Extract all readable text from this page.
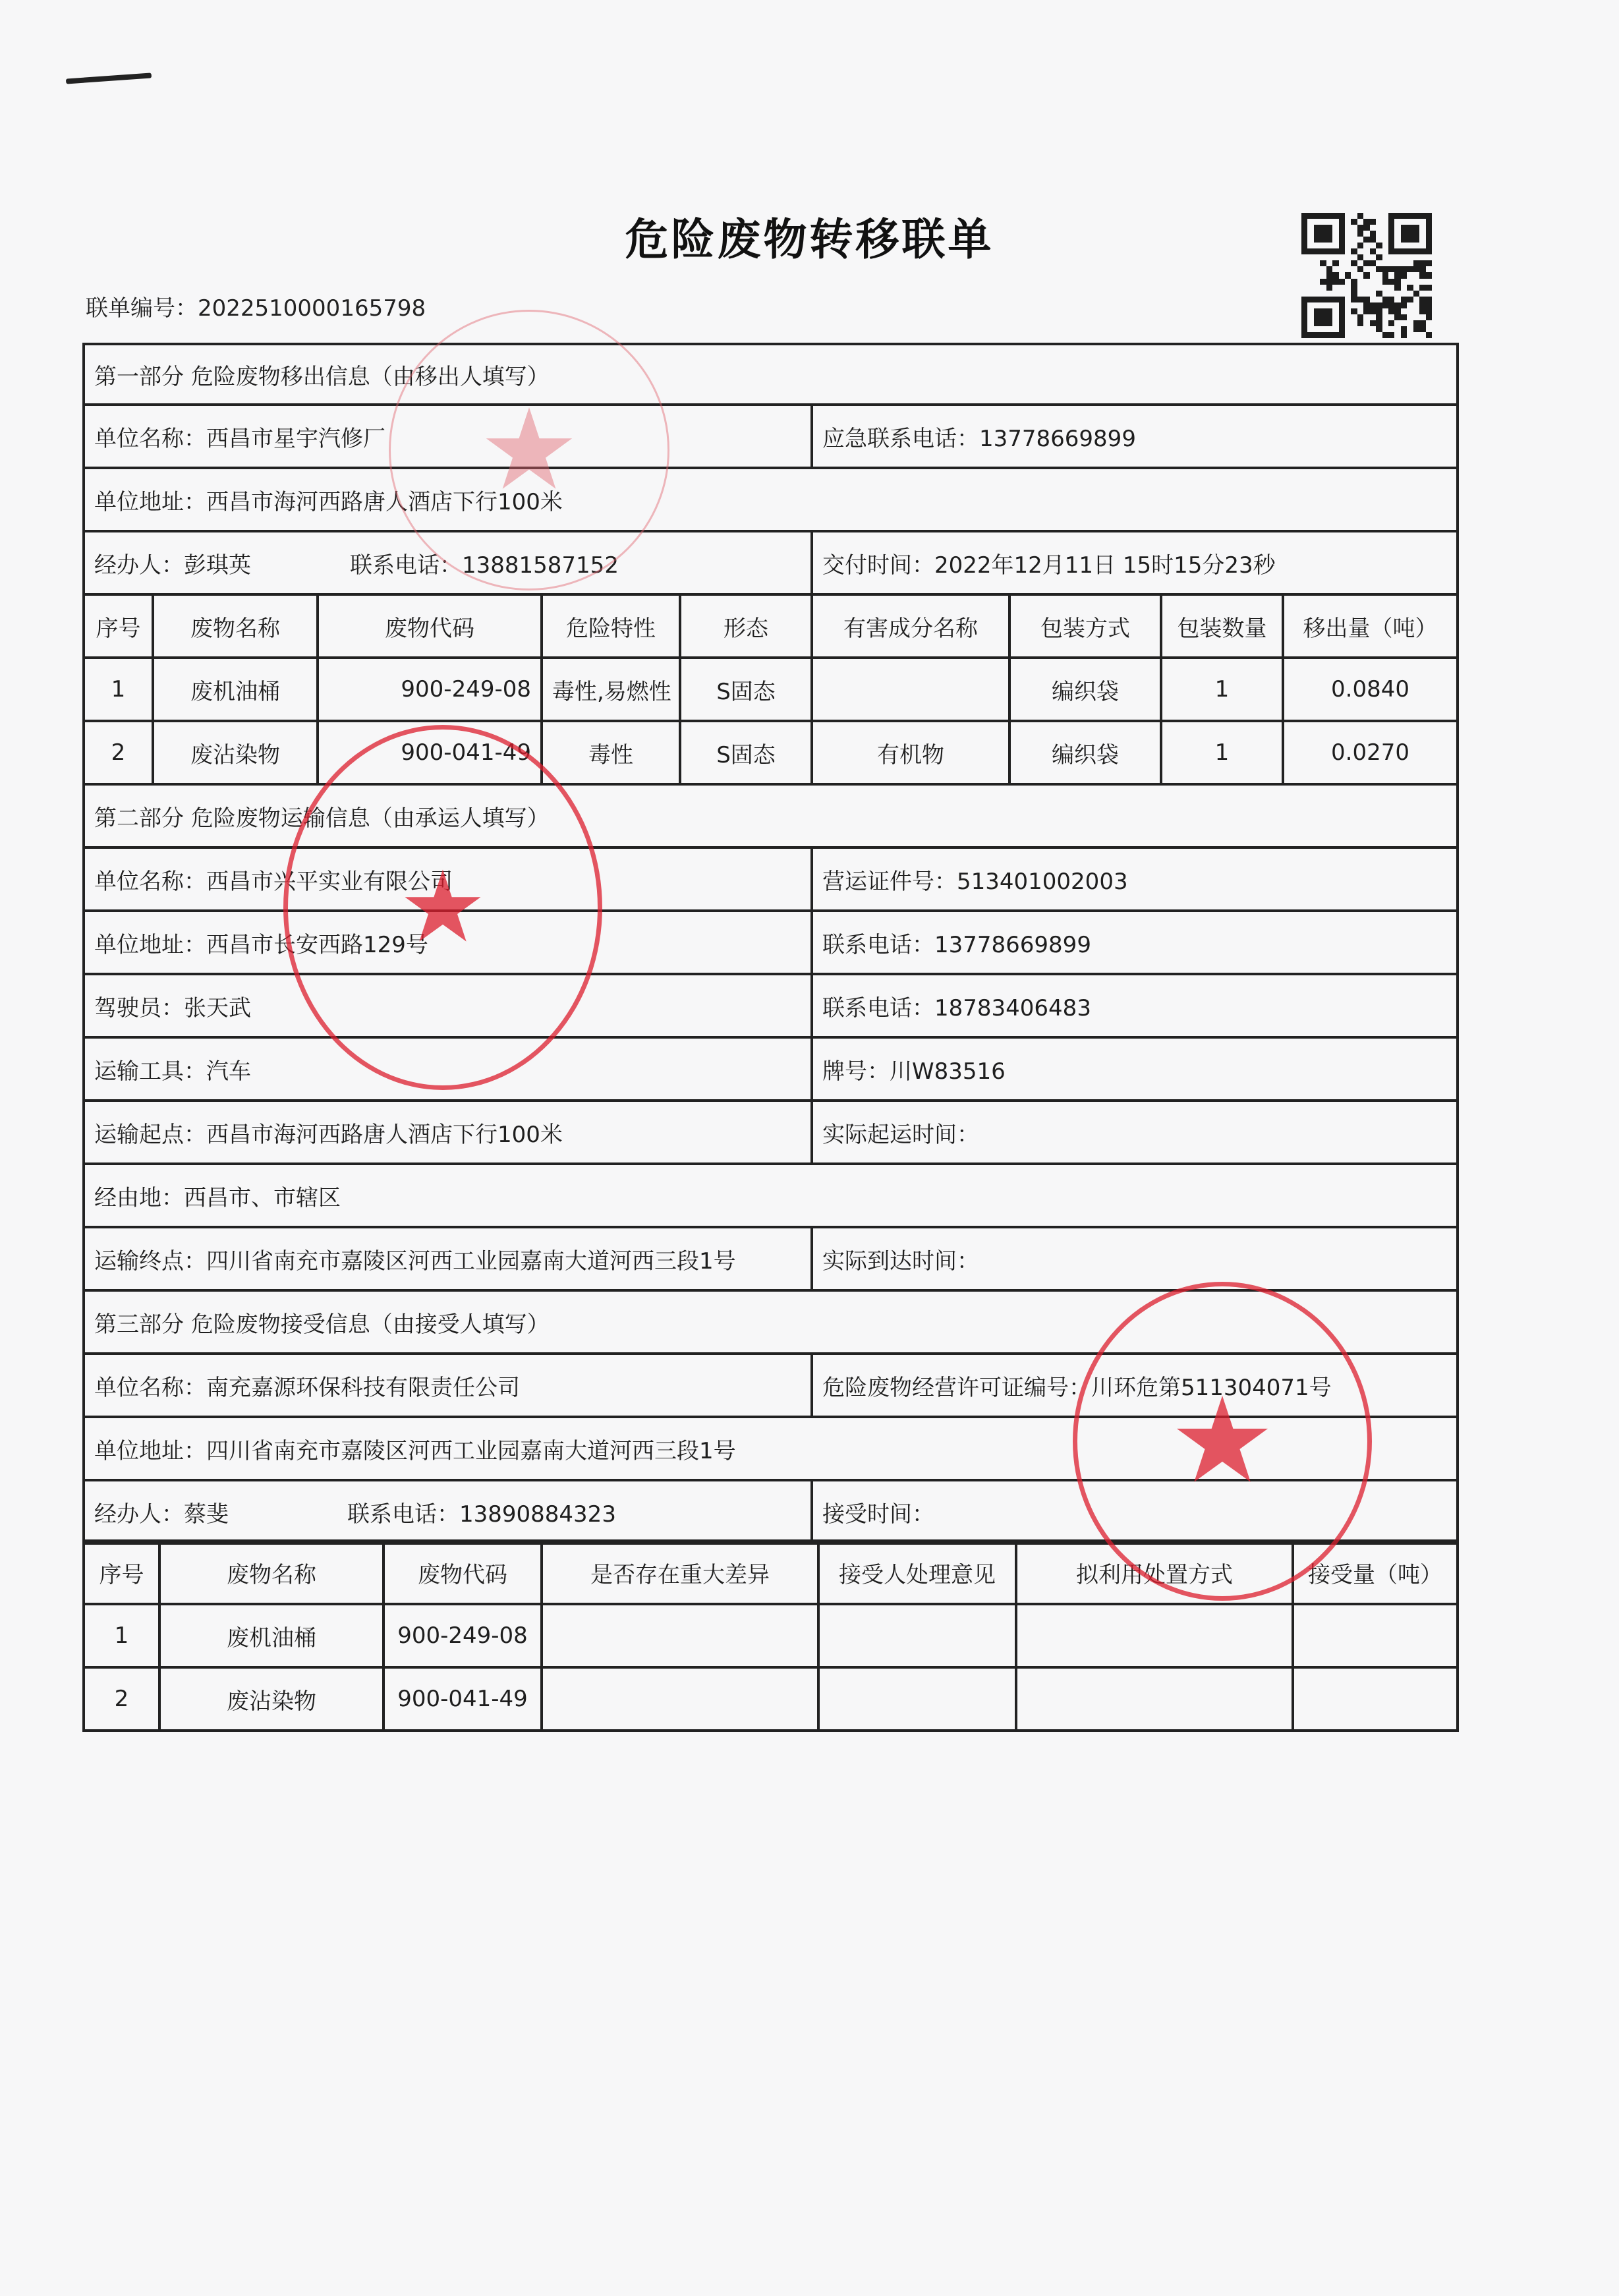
危险废物转移联单
联单编号：2022510000165798
第一部分 危险废物移出信息（由移出人填写）	
单位名称：西昌市星宇汽修厂	应急联系电话：13778669899
单位地址：西昌市海河西路唐人酒店下行100米	
经办人：彭琪英 联系电话：13881587152	交付时间：2022年12月11日 15时15分23秒
序号	废物名称	废物代码	危险特性	形态	有害成分名称	包装方式	包装数量	移出量（吨）
1	废机油桶	900-249-08	毒性,易燃性	S固态		编织袋	1	0.0840
2	废沾染物	900-041-49	毒性	S固态	有机物	编织袋	1	0.0270
第二部分 危险废物运输信息（由承运人填写）	
单位名称：西昌市兴平实业有限公司	营运证件号：513401002003
单位地址：西昌市长安西路129号	联系电话：13778669899
驾驶员：张天武	联系电话：18783406483
运输工具：汽车	牌号：川W83516
运输起点：西昌市海河西路唐人酒店下行100米	实际起运时间：
经由地：西昌市、市辖区	
运输终点：四川省南充市嘉陵区河西工业园嘉南大道河西三段1号	实际到达时间：
第三部分 危险废物接受信息（由接受人填写）	
单位名称：南充嘉源环保科技有限责任公司	危险废物经营许可证编号：川环危第511304071号
单位地址：四川省南充市嘉陵区河西工业园嘉南大道河西三段1号	
经办人：蔡斐 联系电话：13890884323	接受时间：
序号	废物名称	废物代码	是否存在重大差异	接受人处理意见	拟利用处置方式	接受量（吨）
1	废机油桶	900-249-08				
2	废沾染物	900-041-49				
★
★
★
